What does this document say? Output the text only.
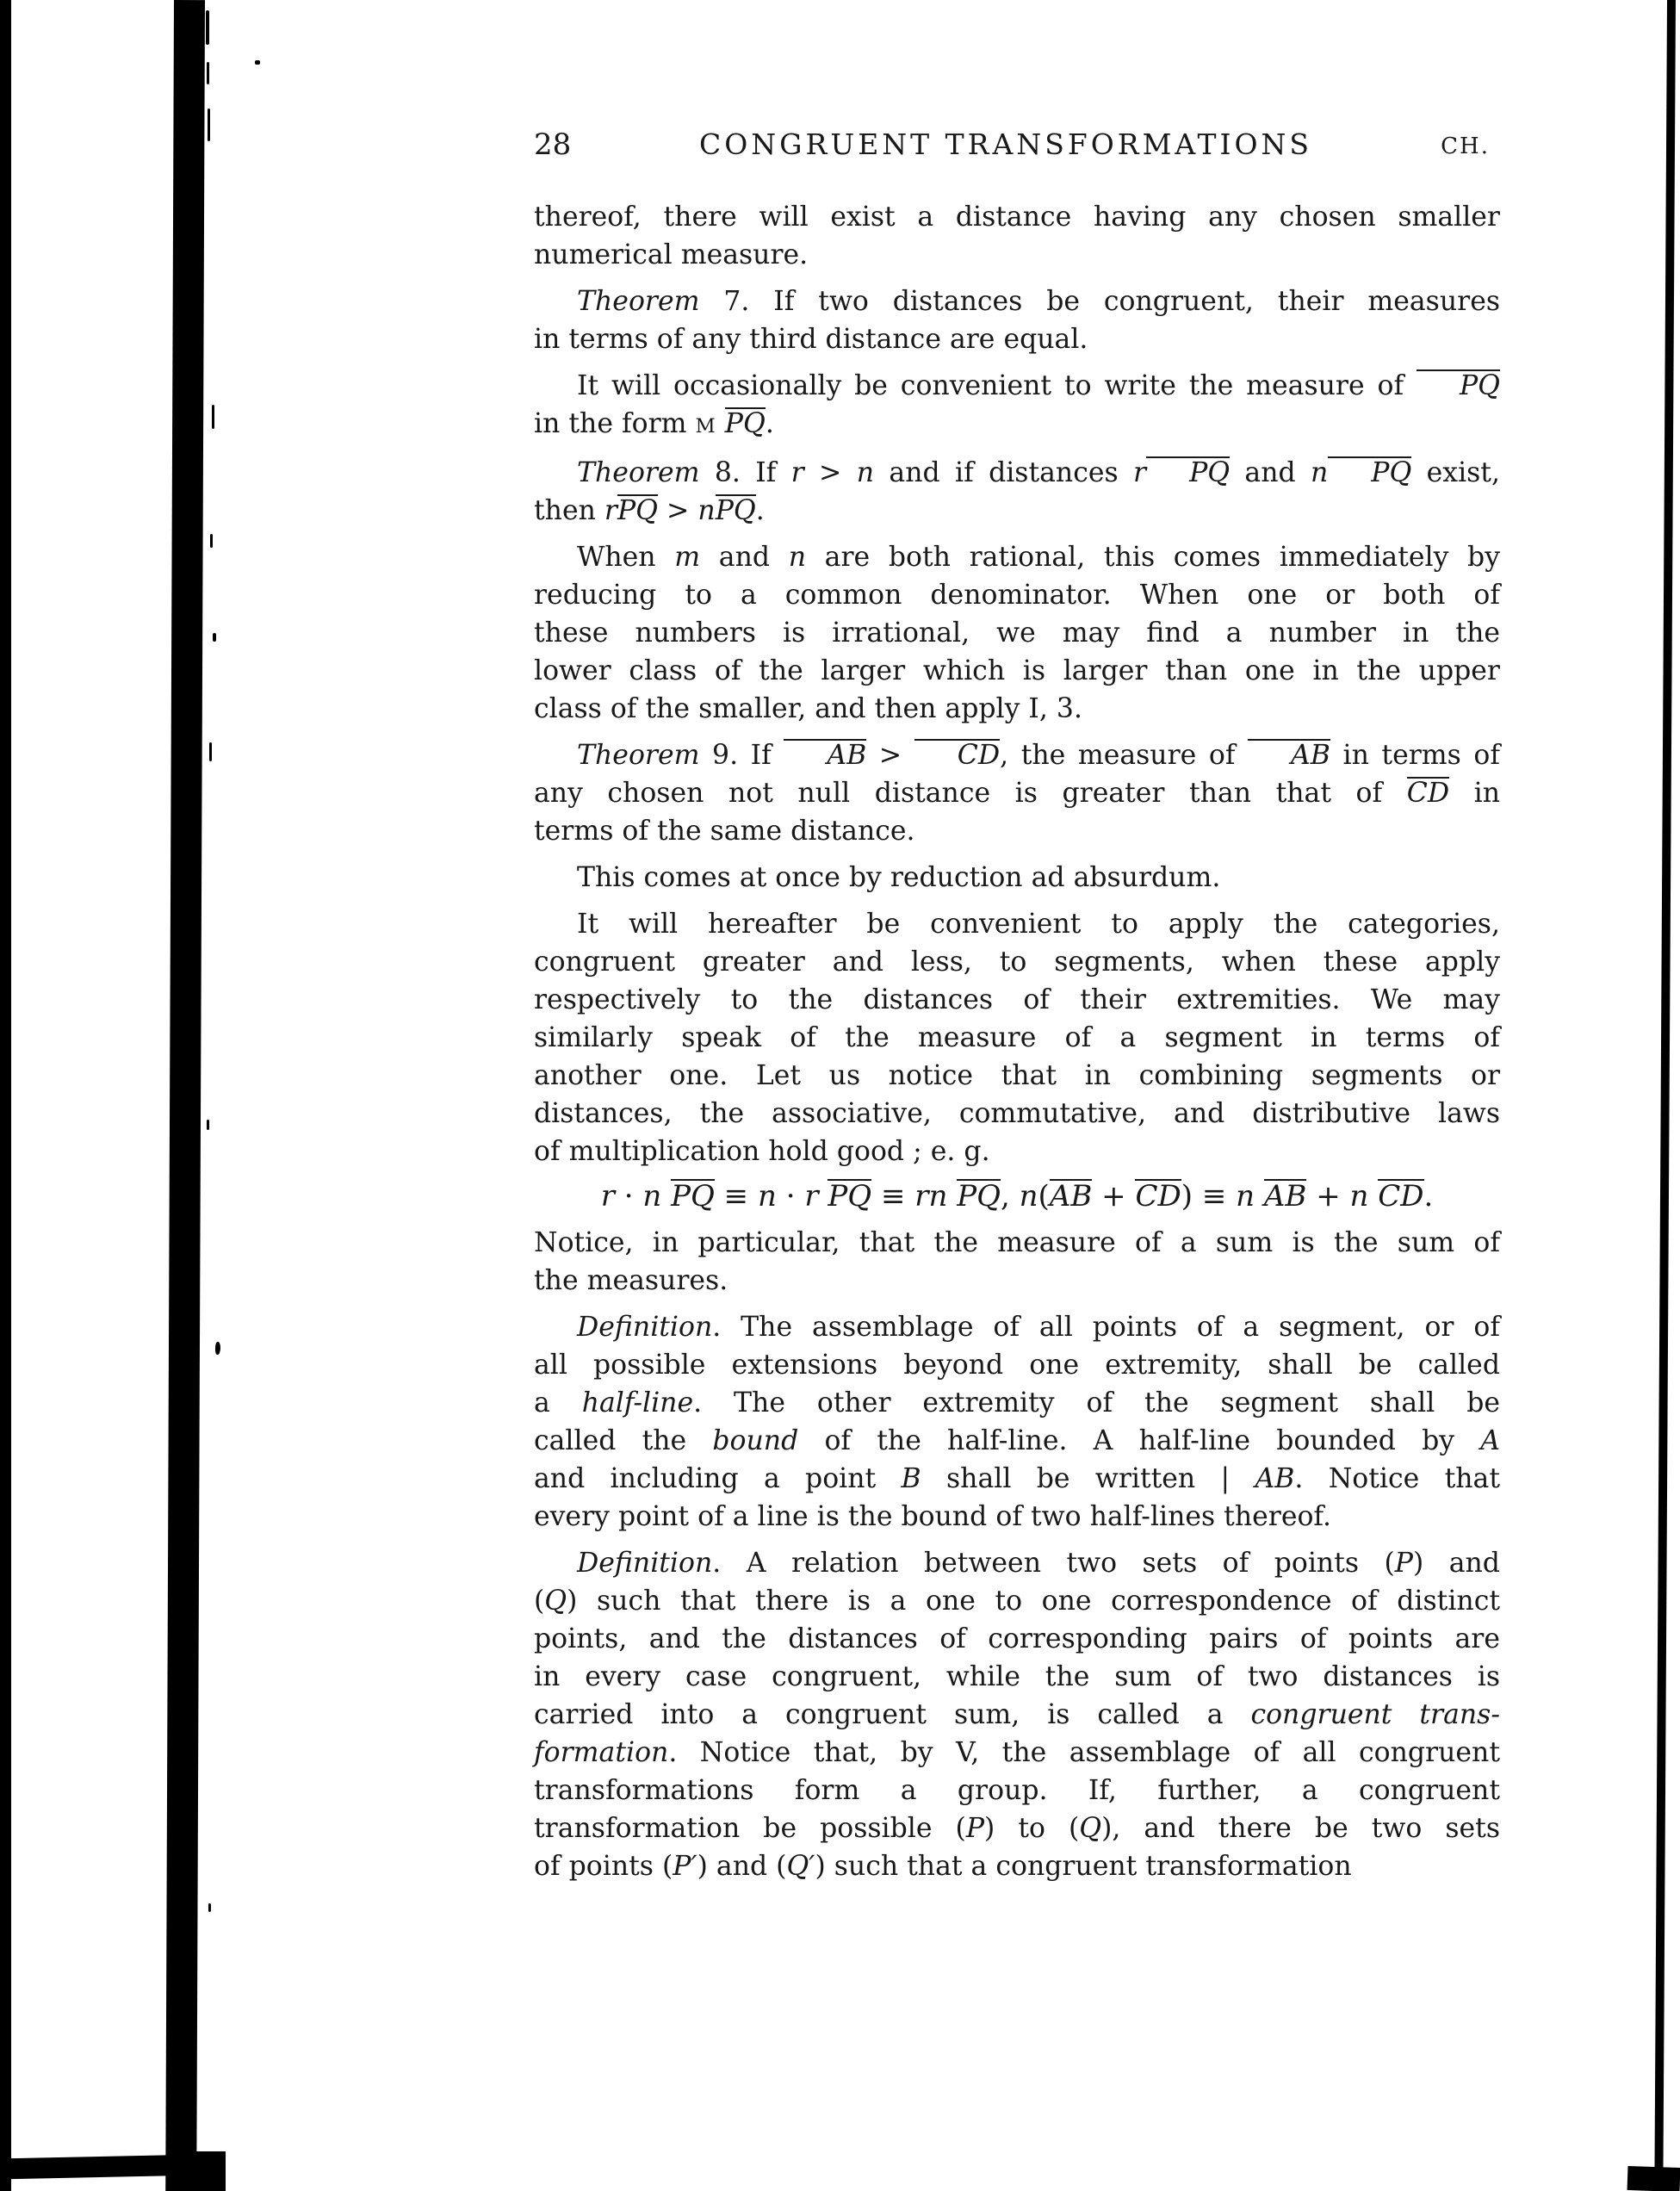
28	CONGRUENT TRANSFORMATIONS	CH.
thereof, there will exist a distance having any chosen smaller
numerical measure.
Theorem 7. If two distances be congruent, their measures
in terms of any third distance are equal.
It will occasionally be convenient to write the measure of PQ
in the form M PQ.
Theorem 8. If r > n and if distances r PQ and n PQ exist,
then rPQ > nPQ.
When m and n are both rational, this comes immediately by
reducing to a common denominator. When one or both of
these numbers is irrational, we may find a number in the
lower class of the larger which is larger than one in the upper
class of the smaller, and then apply I, 3.
Theorem 9. If AB > CD, the measure of AB in terms of
any chosen not null distance is greater than that of CD in
terms of the same distance.
This comes at once by reduction ad absurdum.
It will hereafter be convenient to apply the categories,
congruent greater and less, to segments, when these apply
respectively to the distances of their extremities. We may
similarly speak of the measure of a segment in terms of
another one. Let us notice that in combining segments or
distances, the associative, commutative, and distributive laws
of multiplication hold good ; e. g.
r · n PQ ≡ n · r PQ ≡ rn PQ, n(AB + CD) ≡ n AB + n CD.
Notice, in particular, that the measure of a sum is the sum of
the measures.
Definition. The assemblage of all points of a segment, or of
all possible extensions beyond one extremity, shall be called
a half-line. The other extremity of the segment shall be
called the bound of the half-line. A half-line bounded by A
and including a point B shall be written | AB. Notice that
every point of a line is the bound of two half-lines thereof.
Definition. A relation between two sets of points (P) and
(Q) such that there is a one to one correspondence of distinct
points, and the distances of corresponding pairs of points are
in every case congruent, while the sum of two distances is
carried into a congruent sum, is called a congruent trans-
formation. Notice that, by V, the assemblage of all congruent
transformations form a group. If, further, a congruent
transformation be possible (P) to (Q), and there be two sets
of points (P′) and (Q′) such that a congruent transformation
